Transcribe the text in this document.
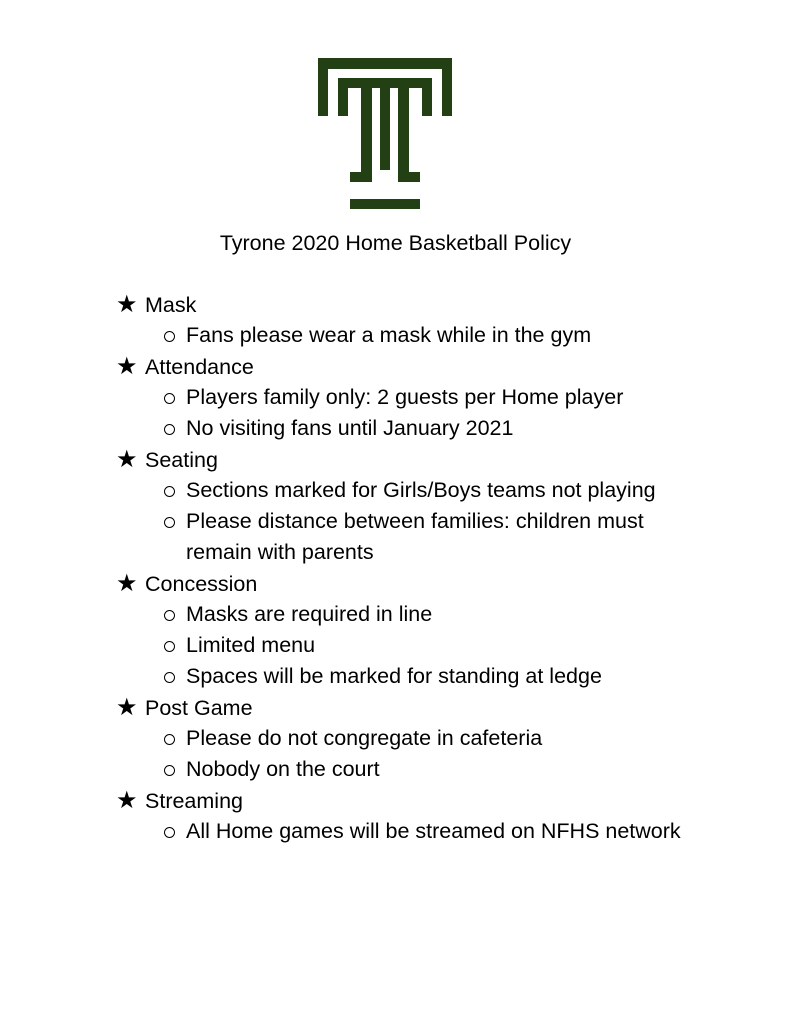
Tyrone 2020 Home Basketball Policy
★ Mask
Fans please wear a mask while in the gym
★ Attendance
Players family only: 2 guests per Home player
No visiting fans until January 2021
★ Seating
Sections marked for Girls/Boys teams not playing
Please distance between families: children must remain with parents
★ Concession
Masks are required in line
Limited menu
Spaces will be marked for standing at ledge
★ Post Game
Please do not congregate in cafeteria
Nobody on the court
★ Streaming
All Home games will be streamed on NFHS network
